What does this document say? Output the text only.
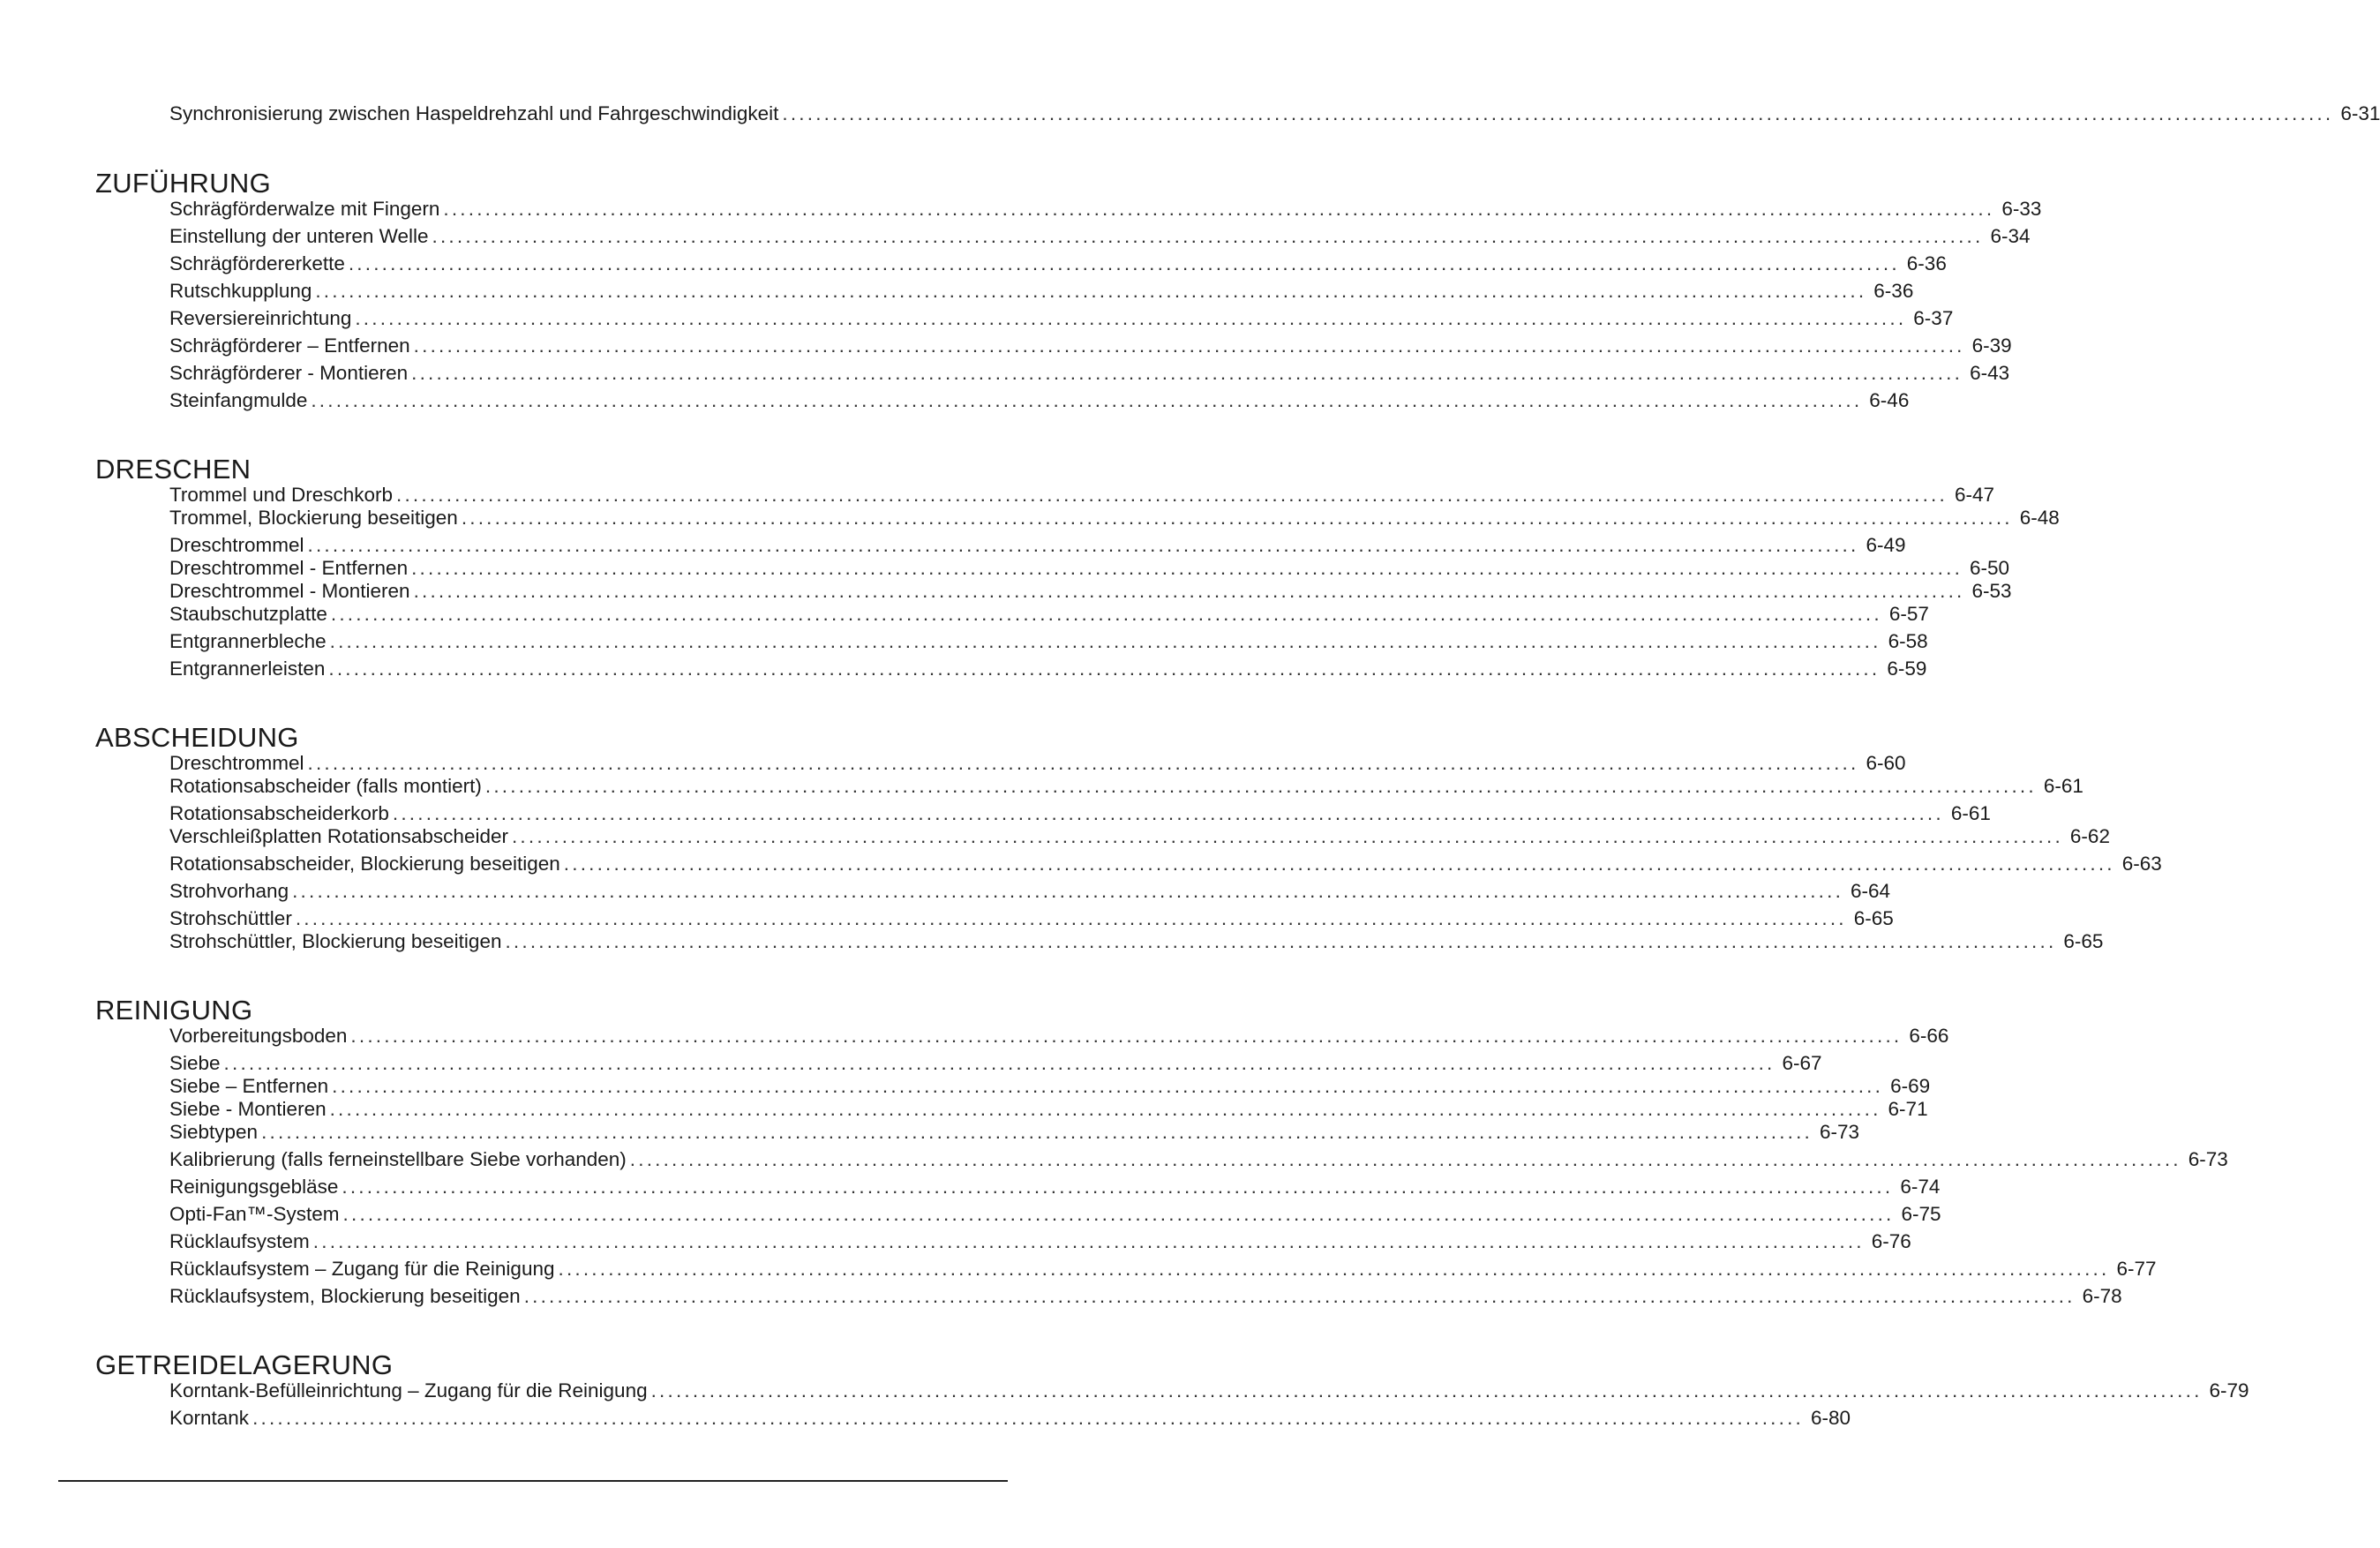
Synchronisierung zwischen Haspeldrehzahl und Fahrgeschwindigkeit .......................................................................................................................................................................................... 6-31
ZUFÜHRUNG
Schrägförderwalze mit Fingern .......................................................................................................................................................................................... 6-33
Einstellung der unteren Welle .......................................................................................................................................................................................... 6-34
Schrägfördererkette .......................................................................................................................................................................................... 6-36
Rutschkupplung .......................................................................................................................................................................................... 6-36
Reversiereinrichtung .......................................................................................................................................................................................... 6-37
Schrägförderer – Entfernen .......................................................................................................................................................................................... 6-39
Schrägförderer - Montieren .......................................................................................................................................................................................... 6-43
Steinfangmulde .......................................................................................................................................................................................... 6-46
DRESCHEN
Trommel und Dreschkorb .......................................................................................................................................................................................... 6-47
Trommel, Blockierung beseitigen .......................................................................................................................................................................................... 6-48
Dreschtrommel .......................................................................................................................................................................................... 6-49
Dreschtrommel - Entfernen .......................................................................................................................................................................................... 6-50
Dreschtrommel - Montieren .......................................................................................................................................................................................... 6-53
Staubschutzplatte .......................................................................................................................................................................................... 6-57
Entgrannerbleche .......................................................................................................................................................................................... 6-58
Entgrannerleisten .......................................................................................................................................................................................... 6-59
ABSCHEIDUNG
Dreschtrommel .......................................................................................................................................................................................... 6-60
Rotationsabscheider (falls montiert) .......................................................................................................................................................................................... 6-61
Rotationsabscheiderkorb .......................................................................................................................................................................................... 6-61
Verschleißplatten Rotationsabscheider .......................................................................................................................................................................................... 6-62
Rotationsabscheider, Blockierung beseitigen .......................................................................................................................................................................................... 6-63
Strohvorhang .......................................................................................................................................................................................... 6-64
Strohschüttler .......................................................................................................................................................................................... 6-65
Strohschüttler, Blockierung beseitigen .......................................................................................................................................................................................... 6-65
REINIGUNG
Vorbereitungsboden .......................................................................................................................................................................................... 6-66
Siebe .......................................................................................................................................................................................... 6-67
Siebe – Entfernen .......................................................................................................................................................................................... 6-69
Siebe - Montieren .......................................................................................................................................................................................... 6-71
Siebtypen .......................................................................................................................................................................................... 6-73
Kalibrierung (falls ferneinstellbare Siebe vorhanden) .......................................................................................................................................................................................... 6-73
Reinigungsgebläse .......................................................................................................................................................................................... 6-74
Opti-Fan™-System .......................................................................................................................................................................................... 6-75
Rücklaufsystem .......................................................................................................................................................................................... 6-76
Rücklaufsystem – Zugang für die Reinigung .......................................................................................................................................................................................... 6-77
Rücklaufsystem, Blockierung beseitigen .......................................................................................................................................................................................... 6-78
GETREIDELAGERUNG
Korntank-Befülleinrichtung – Zugang für die Reinigung .......................................................................................................................................................................................... 6-79
Korntank .......................................................................................................................................................................................... 6-80
